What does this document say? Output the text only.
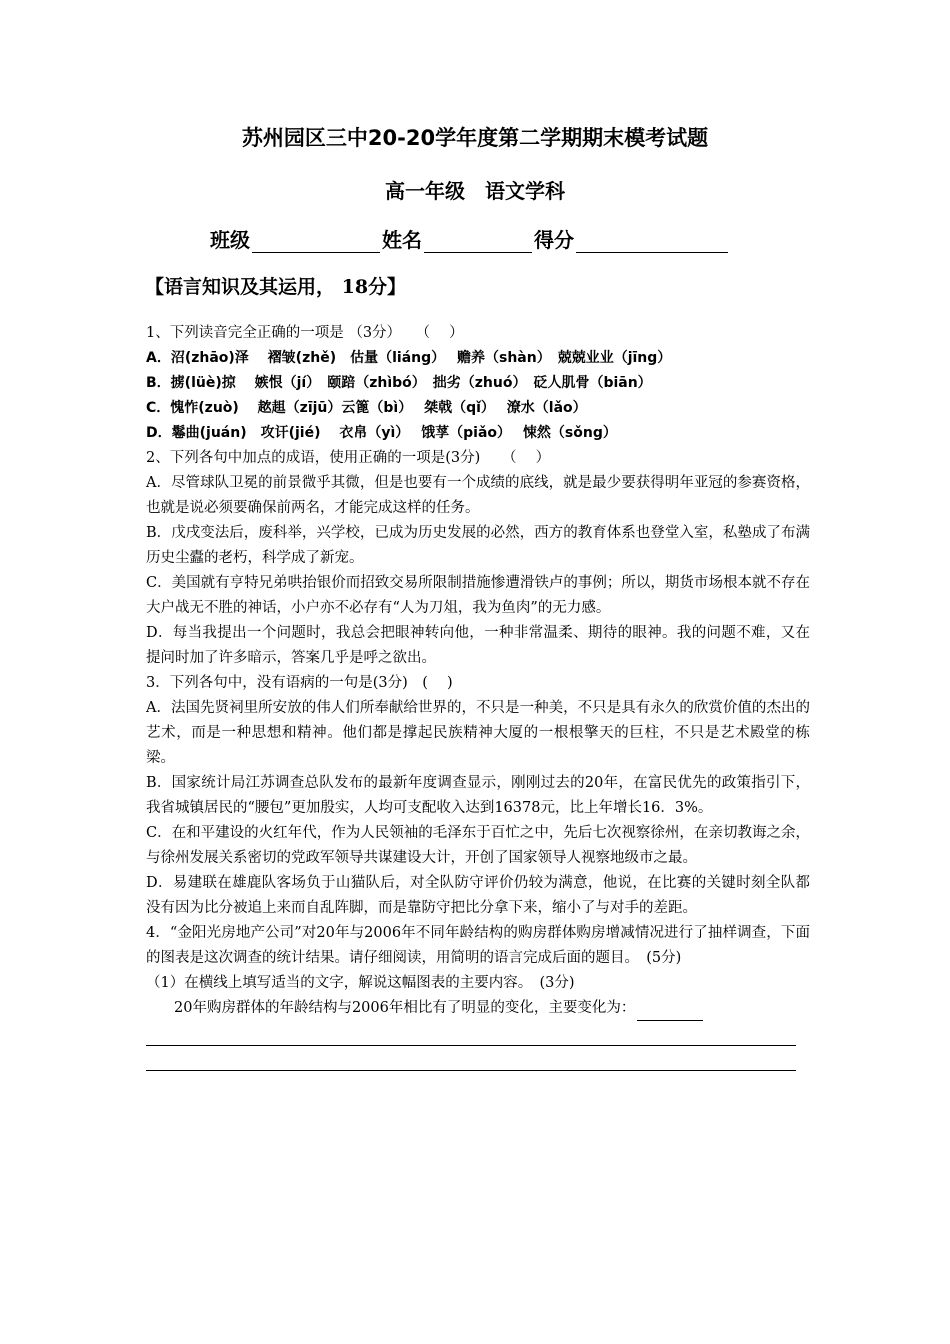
苏州园区三中20-20学年度第二学期期末模考试题
高一年级　语文学科
班级	姓名	得分
【语言知识及其运用， 18分】

1、下列读音完全正确的一项是 （3分）　　（　 ）

A．沼(zhāo)泽　 褶皱(zhě)　估量（liáng）　 赡养（shàn）　兢兢业业（jīng）

B．掳(lüè)掠　 嫉恨（jí）　颐踣（zhìbó）　拙劣（zhuó）　砭人肌骨（biān）

C．愧怍(zuò)　 趑趄（zījū）云篦（bì）　 桀戟（qǐ）　 潦水（lǎo）

D．鬈曲(juán)　攻讦(jié)　 衣帛（yì）　 饿莩（piǎo）　 悚然（sǒng）

2、下列各句中加点的成语，使用正确的一项是(3分)　　（　 ）

A．尽管球队卫冕的前景微乎其微，但是也要有一个成绩的底线，就是最少要获得明年亚冠的参赛资格，也就是说必须要确保前两名，才能完成这样的任务。

B．戊戌变法后，废科举，兴学校，已成为历史发展的必然，西方的教育体系也登堂入室，私塾成了布满历史尘蠹的老朽，科学成了新宠。

C．美国就有亨特兄弟哄抬银价而招致交易所限制措施惨遭滑铁卢的事例；所以，期货市场根本就不存在大户战无不胜的神话，小户亦不必存有“人为刀俎，我为鱼肉”的无力感。

D．每当我提出一个问题时，我总会把眼神转向他，一种非常温柔、期待的眼神。我的问题不难，又在提问时加了许多暗示，答案几乎是呼之欲出。

3．下列各句中，没有语病的一句是(3分)　(　 )

A．法国先贤祠里所安放的伟人们所奉献给世界的，不只是一种美，不只是具有永久的欣赏价值的杰出的艺术，而是一种思想和精神。他们都是撑起民族精神大厦的一根根擎天的巨柱，不只是艺术殿堂的栋梁。

B．国家统计局江苏调查总队发布的最新年度调查显示，刚刚过去的20年，在富民优先的政策指引下，我省城镇居民的“腰包”更加殷实，人均可支配收入达到16378元，比上年增长16．3%。

C．在和平建设的火红年代，作为人民领袖的毛泽东于百忙之中，先后七次视察徐州，在亲切教诲之余，与徐州发展关系密切的党政军领导共谋建设大计，开创了国家领导人视察地级市之最。

D．易建联在雄鹿队客场负于山猫队后，对全队防守评价仍较为满意，他说，在比赛的关键时刻全队都没有因为比分被追上来而自乱阵脚，而是靠防守把比分拿下来，缩小了与对手的差距。

4．“金阳光房地产公司”对20年与2006年不同年龄结构的购房群体购房增减情况进行了抽样调查，下面的图表是这次调查的统计结果。请仔细阅读，用简明的语言完成后面的题目。　(5分)

（1）在横线上填写适当的文字，解说这幅图表的主要内容。　(3分)

20年购房群体的年龄结构与2006年相比有了明显的变化，主要变化为：
